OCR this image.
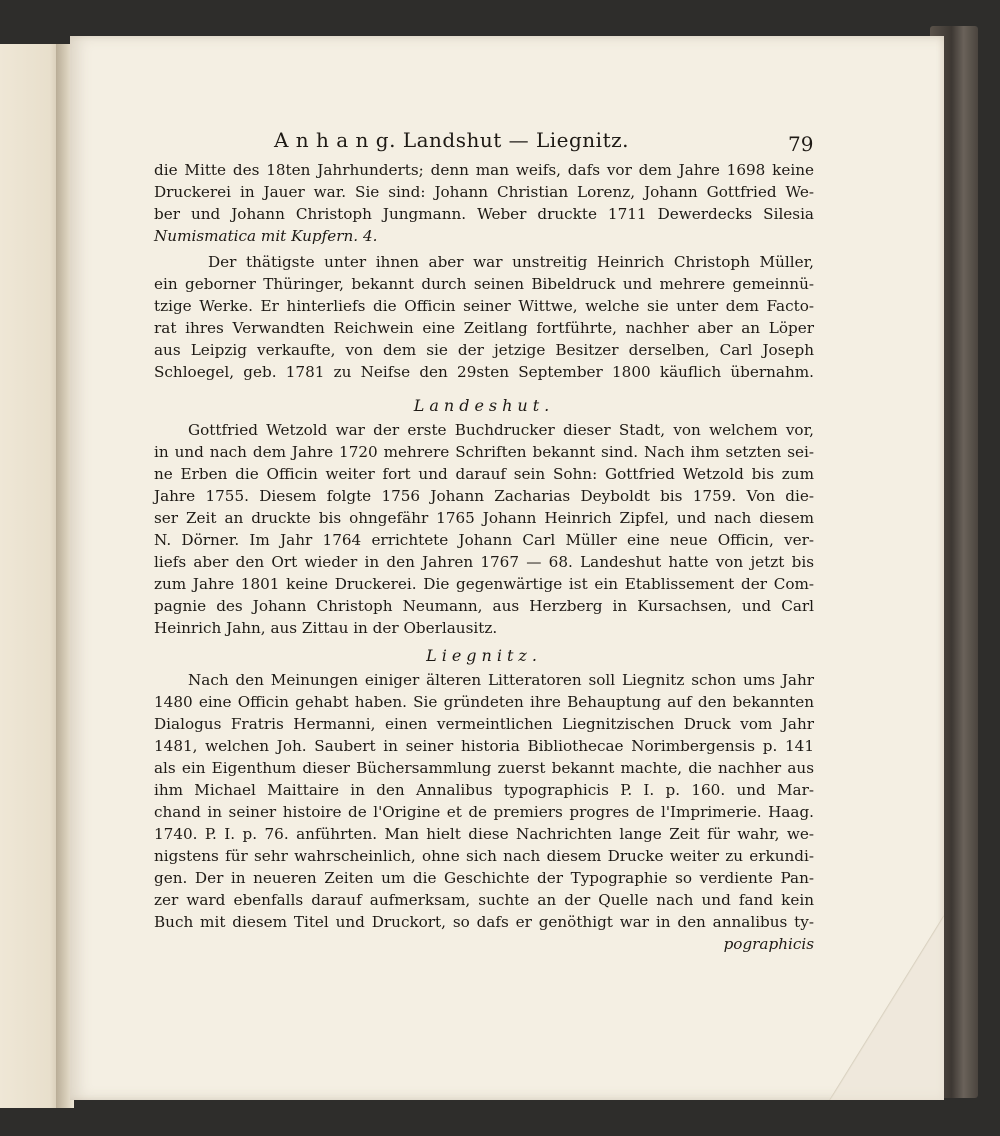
A n h a n g. Landshut — Liegnitz.	79
die Mitte des 18ten Jahrhunderts; denn man weifs, dafs vor dem Jahre 1698 keine
Druckerei in Jauer war. Sie sind: Johann Christian Lorenz, Johann Gottfried We-
ber und Johann Christoph Jungmann. Weber druckte 1711 Dewerdecks Silesia
Numismatica mit Kupfern. 4.
Der thätigste unter ihnen aber war unstreitig Heinrich Christoph Müller,
ein geborner Thüringer, bekannt durch seinen Bibeldruck und mehrere gemeinnü-
tzige Werke. Er hinterliefs die Officin seiner Wittwe, welche sie unter dem Facto-
rat ihres Verwandten Reichwein eine Zeitlang fortführte, nachher aber an Löper
aus Leipzig verkaufte, von dem sie der jetzige Besitzer derselben, Carl Joseph
Schloegel, geb. 1781 zu Neifse den 29sten September 1800 käuflich übernahm.
Landeshut.
Gottfried Wetzold war der erste Buchdrucker dieser Stadt, von welchem vor,
in und nach dem Jahre 1720 mehrere Schriften bekannt sind. Nach ihm setzten sei-
ne Erben die Officin weiter fort und darauf sein Sohn: Gottfried Wetzold bis zum
Jahre 1755. Diesem folgte 1756 Johann Zacharias Deyboldt bis 1759. Von die-
ser Zeit an druckte bis ohngefähr 1765 Johann Heinrich Zipfel, und nach diesem
N. Dörner. Im Jahr 1764 errichtete Johann Carl Müller eine neue Officin, ver-
liefs aber den Ort wieder in den Jahren 1767 — 68. Landeshut hatte von jetzt bis
zum Jahre 1801 keine Druckerei. Die gegenwärtige ist ein Etablissement der Com-
pagnie des Johann Christoph Neumann, aus Herzberg in Kursachsen, und Carl
Heinrich Jahn, aus Zittau in der Oberlausitz.
Liegnitz.
Nach den Meinungen einiger älteren Litteratoren soll Liegnitz schon ums Jahr
1480 eine Officin gehabt haben. Sie gründeten ihre Behauptung auf den bekannten
Dialogus Fratris Hermanni, einen vermeintlichen Liegnitzischen Druck vom Jahr
1481, welchen Joh. Saubert in seiner historia Bibliothecae Norimbergensis p. 141
als ein Eigenthum dieser Büchersammlung zuerst bekannt machte, die nachher aus
ihm Michael Maittaire in den Annalibus typographicis P. I. p. 160. und Mar-
chand in seiner histoire de l'Origine et de premiers progres de l'Imprimerie. Haag.
1740. P. I. p. 76. anführten. Man hielt diese Nachrichten lange Zeit für wahr, we-
nigstens für sehr wahrscheinlich, ohne sich nach diesem Drucke weiter zu erkundi-
gen. Der in neueren Zeiten um die Geschichte der Typographie so verdiente Pan-
zer ward ebenfalls darauf aufmerksam, suchte an der Quelle nach und fand kein
Buch mit diesem Titel und Druckort, so dafs er genöthigt war in den annalibus ty-
pographicis
